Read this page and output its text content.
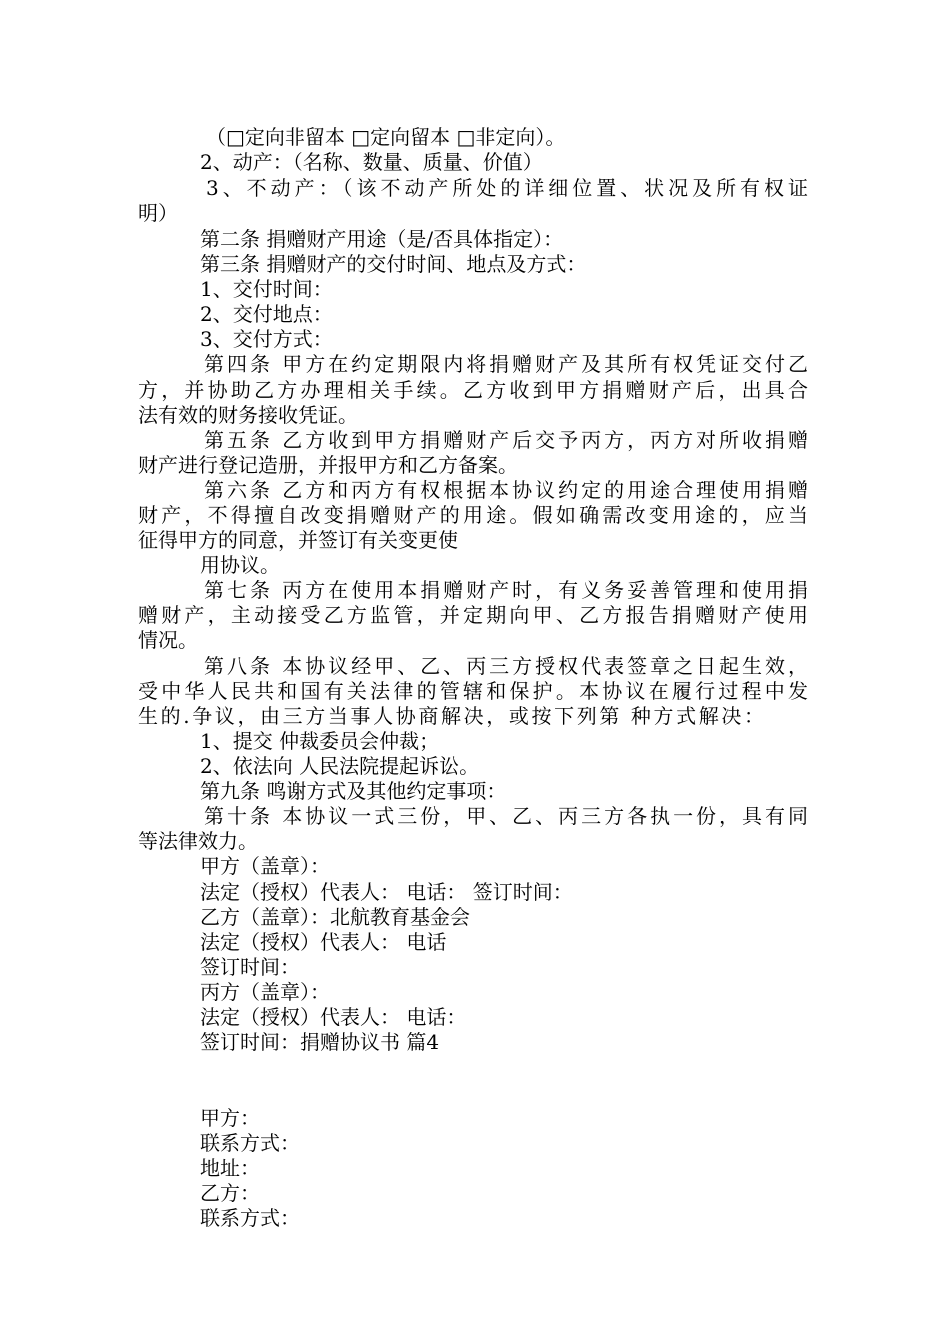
（□定向非留本 □定向留本 □非定向）。
2、动产：（名称、数量、质量、价值）
3、不动产：（该不动产所处的详细位置、状况及所有权证
明）
第二条 捐赠财产用途（是/否具体指定）：
第三条 捐赠财产的交付时间、地点及方式：
1、交付时间：
2、交付地点：
3、交付方式：
第四条 甲方在约定期限内将捐赠财产及其所有权凭证交付乙
方，并协助乙方办理相关手续。乙方收到甲方捐赠财产后，出具合
法有效的财务接收凭证。
第五条 乙方收到甲方捐赠财产后交予丙方，丙方对所收捐赠
财产进行登记造册，并报甲方和乙方备案。
第六条 乙方和丙方有权根据本协议约定的用途合理使用捐赠
财产，不得擅自改变捐赠财产的用途。假如确需改变用途的，应当
征得甲方的同意，并签订有关变更使
用协议。
第七条 丙方在使用本捐赠财产时，有义务妥善管理和使用捐
赠财产，主动接受乙方监管，并定期向甲、乙方报告捐赠财产使用
情况。
第八条 本协议经甲、乙、丙三方授权代表签章之日起生效，
受中华人民共和国有关法律的管辖和保护。本协议在履行过程中发
生的.争议，由三方当事人协商解决，或按下列第 种方式解决：
1、提交 仲裁委员会仲裁；
2、依法向 人民法院提起诉讼。
第九条 鸣谢方式及其他约定事项：
第十条 本协议一式三份，甲、乙、丙三方各执一份，具有同
等法律效力。
甲方（盖章）：
法定（授权）代表人： 电话： 签订时间：
乙方（盖章）：北航教育基金会
法定（授权）代表人： 电话
签订时间：
丙方（盖章）：
法定（授权）代表人： 电话：
签订时间：捐赠协议书 篇4
甲方：
联系方式：
地址：
乙方：
联系方式：
